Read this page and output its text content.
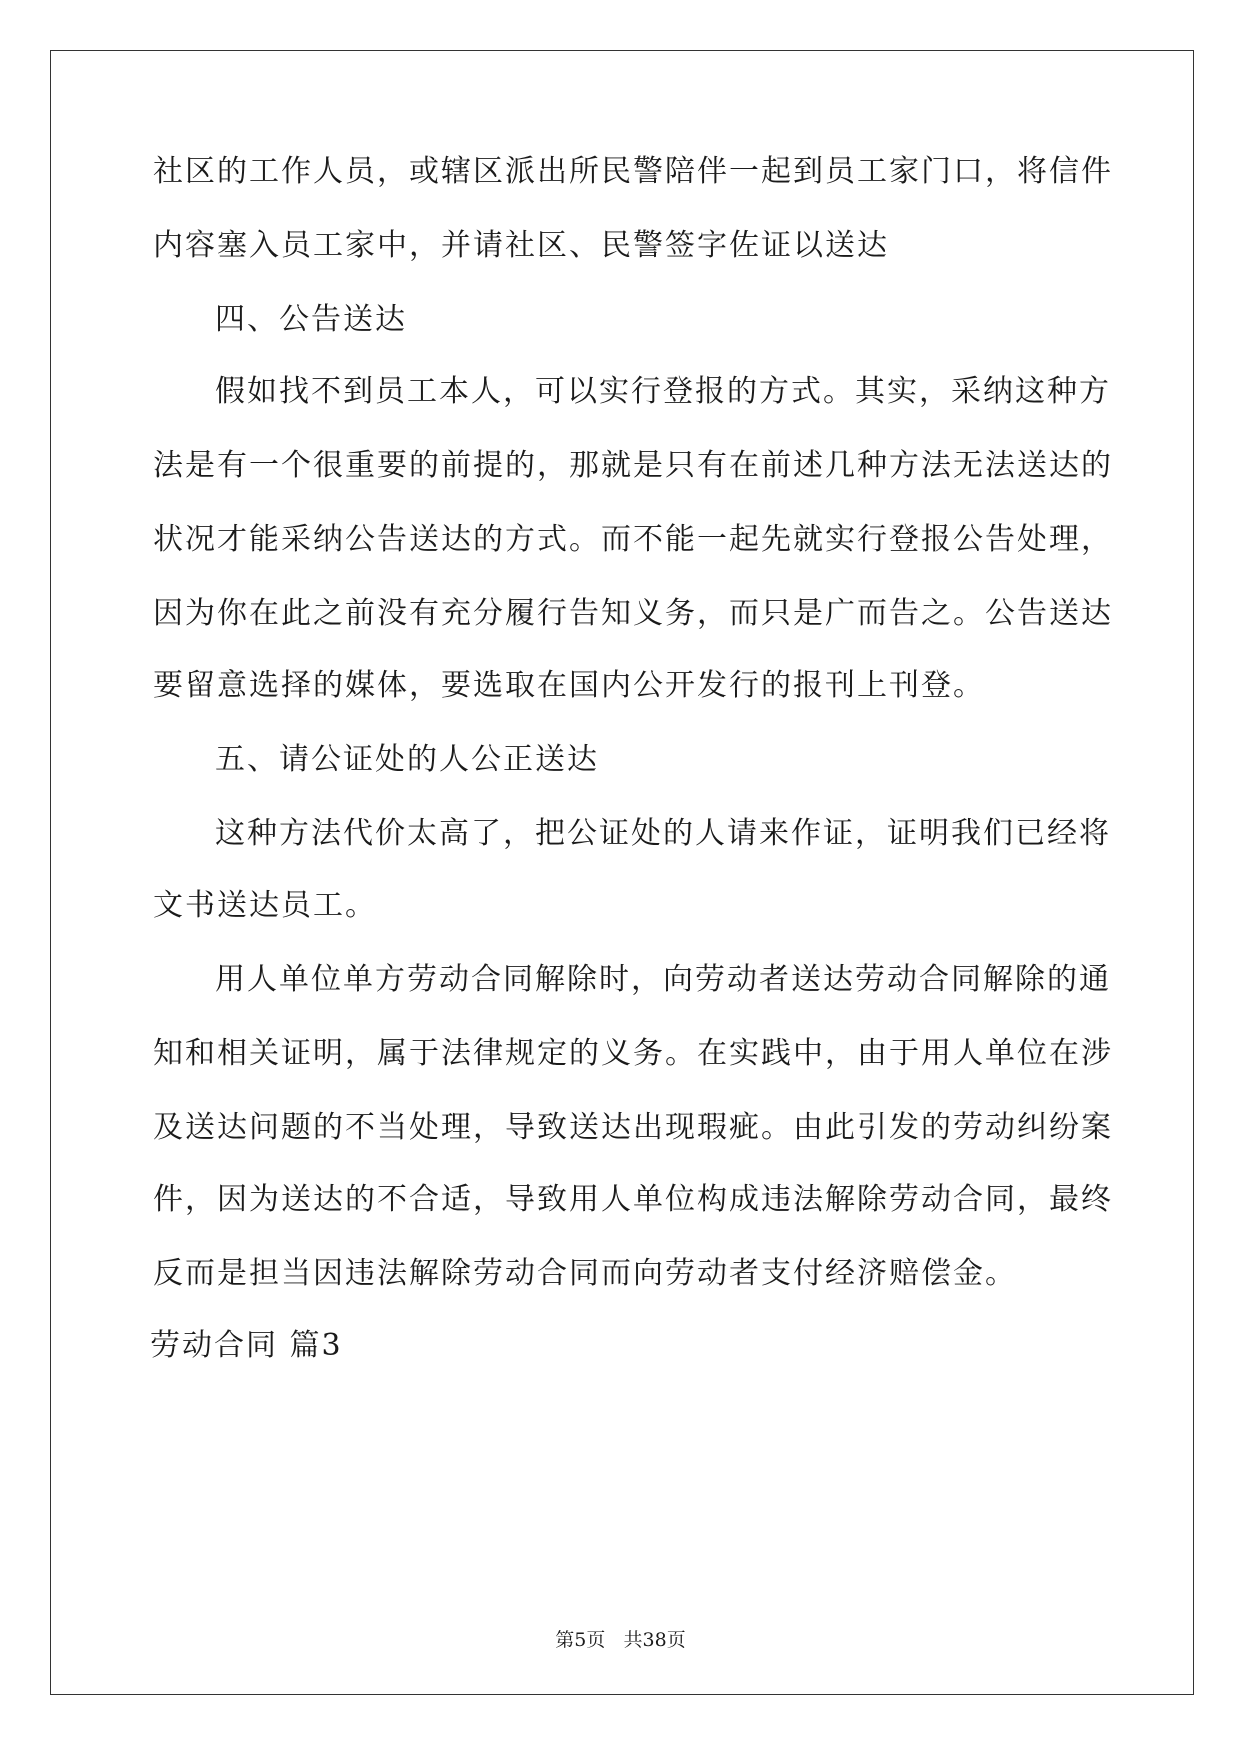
社区的工作人员，或辖区派出所民警陪伴一起到员工家门口，将信件
内容塞入员工家中，并请社区、民警签字佐证以送达
四、公告送达
假如找不到员工本人，可以实行登报的方式。其实，采纳这种方
法是有一个很重要的前提的，那就是只有在前述几种方法无法送达的
状况才能采纳公告送达的方式。而不能一起先就实行登报公告处理，
因为你在此之前没有充分履行告知义务，而只是广而告之。公告送达
要留意选择的媒体，要选取在国内公开发行的报刊上刊登。
五、请公证处的人公正送达
这种方法代价太高了，把公证处的人请来作证，证明我们已经将
文书送达员工。
用人单位单方劳动合同解除时，向劳动者送达劳动合同解除的通
知和相关证明，属于法律规定的义务。在实践中，由于用人单位在涉
及送达问题的不当处理，导致送达出现瑕疵。由此引发的劳动纠纷案
件，因为送达的不合适，导致用人单位构成违法解除劳动合同，最终
反而是担当因违法解除劳动合同而向劳动者支付经济赔偿金。
劳动合同 篇3
第5页   共38页
